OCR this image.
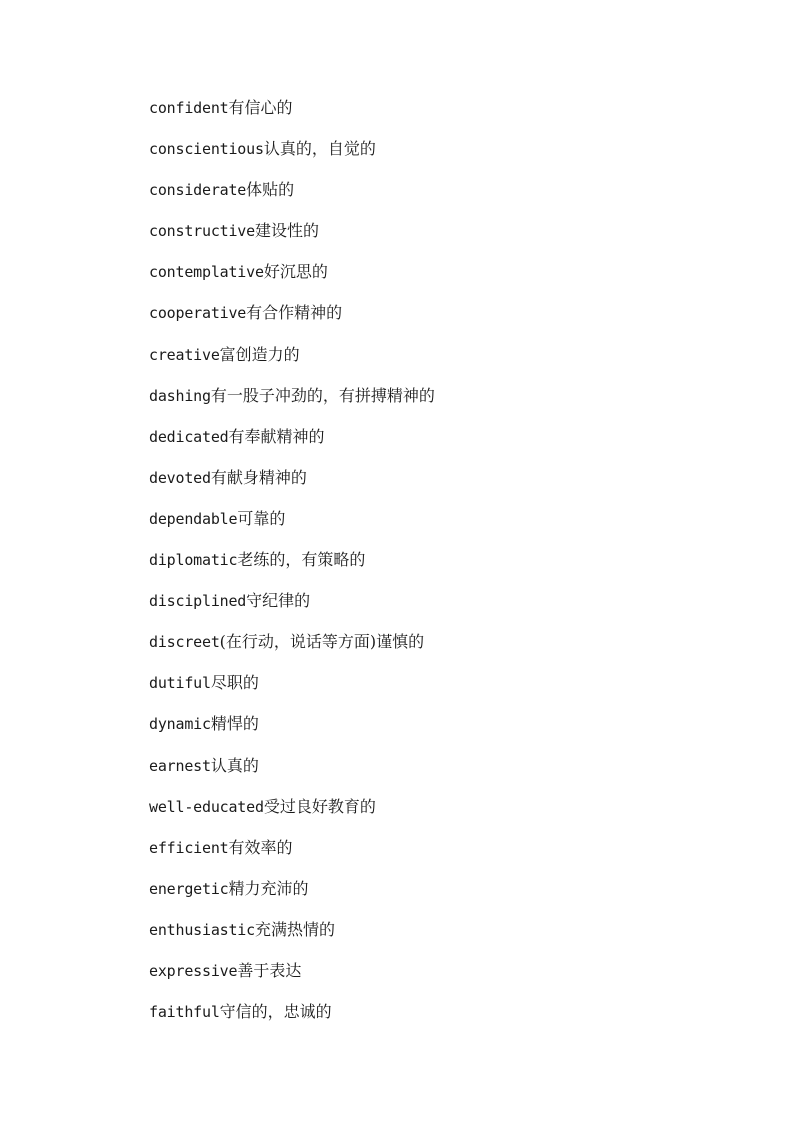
confident有信心的
conscientious认真的，自觉的
considerate体贴的
constructive建设性的
contemplative好沉思的
cooperative有合作精神的
creative富创造力的
dashing有一股子冲劲的，有拼搏精神的
dedicated有奉献精神的
devoted有献身精神的
dependable可靠的
diplomatic老练的，有策略的
disciplined守纪律的
discreet(在行动，说话等方面)谨慎的
dutiful尽职的
dynamic精悍的
earnest认真的
well-educated受过良好教育的
efficient有效率的
energetic精力充沛的
enthusiastic充满热情的
expressive善于表达
faithful守信的，忠诚的
